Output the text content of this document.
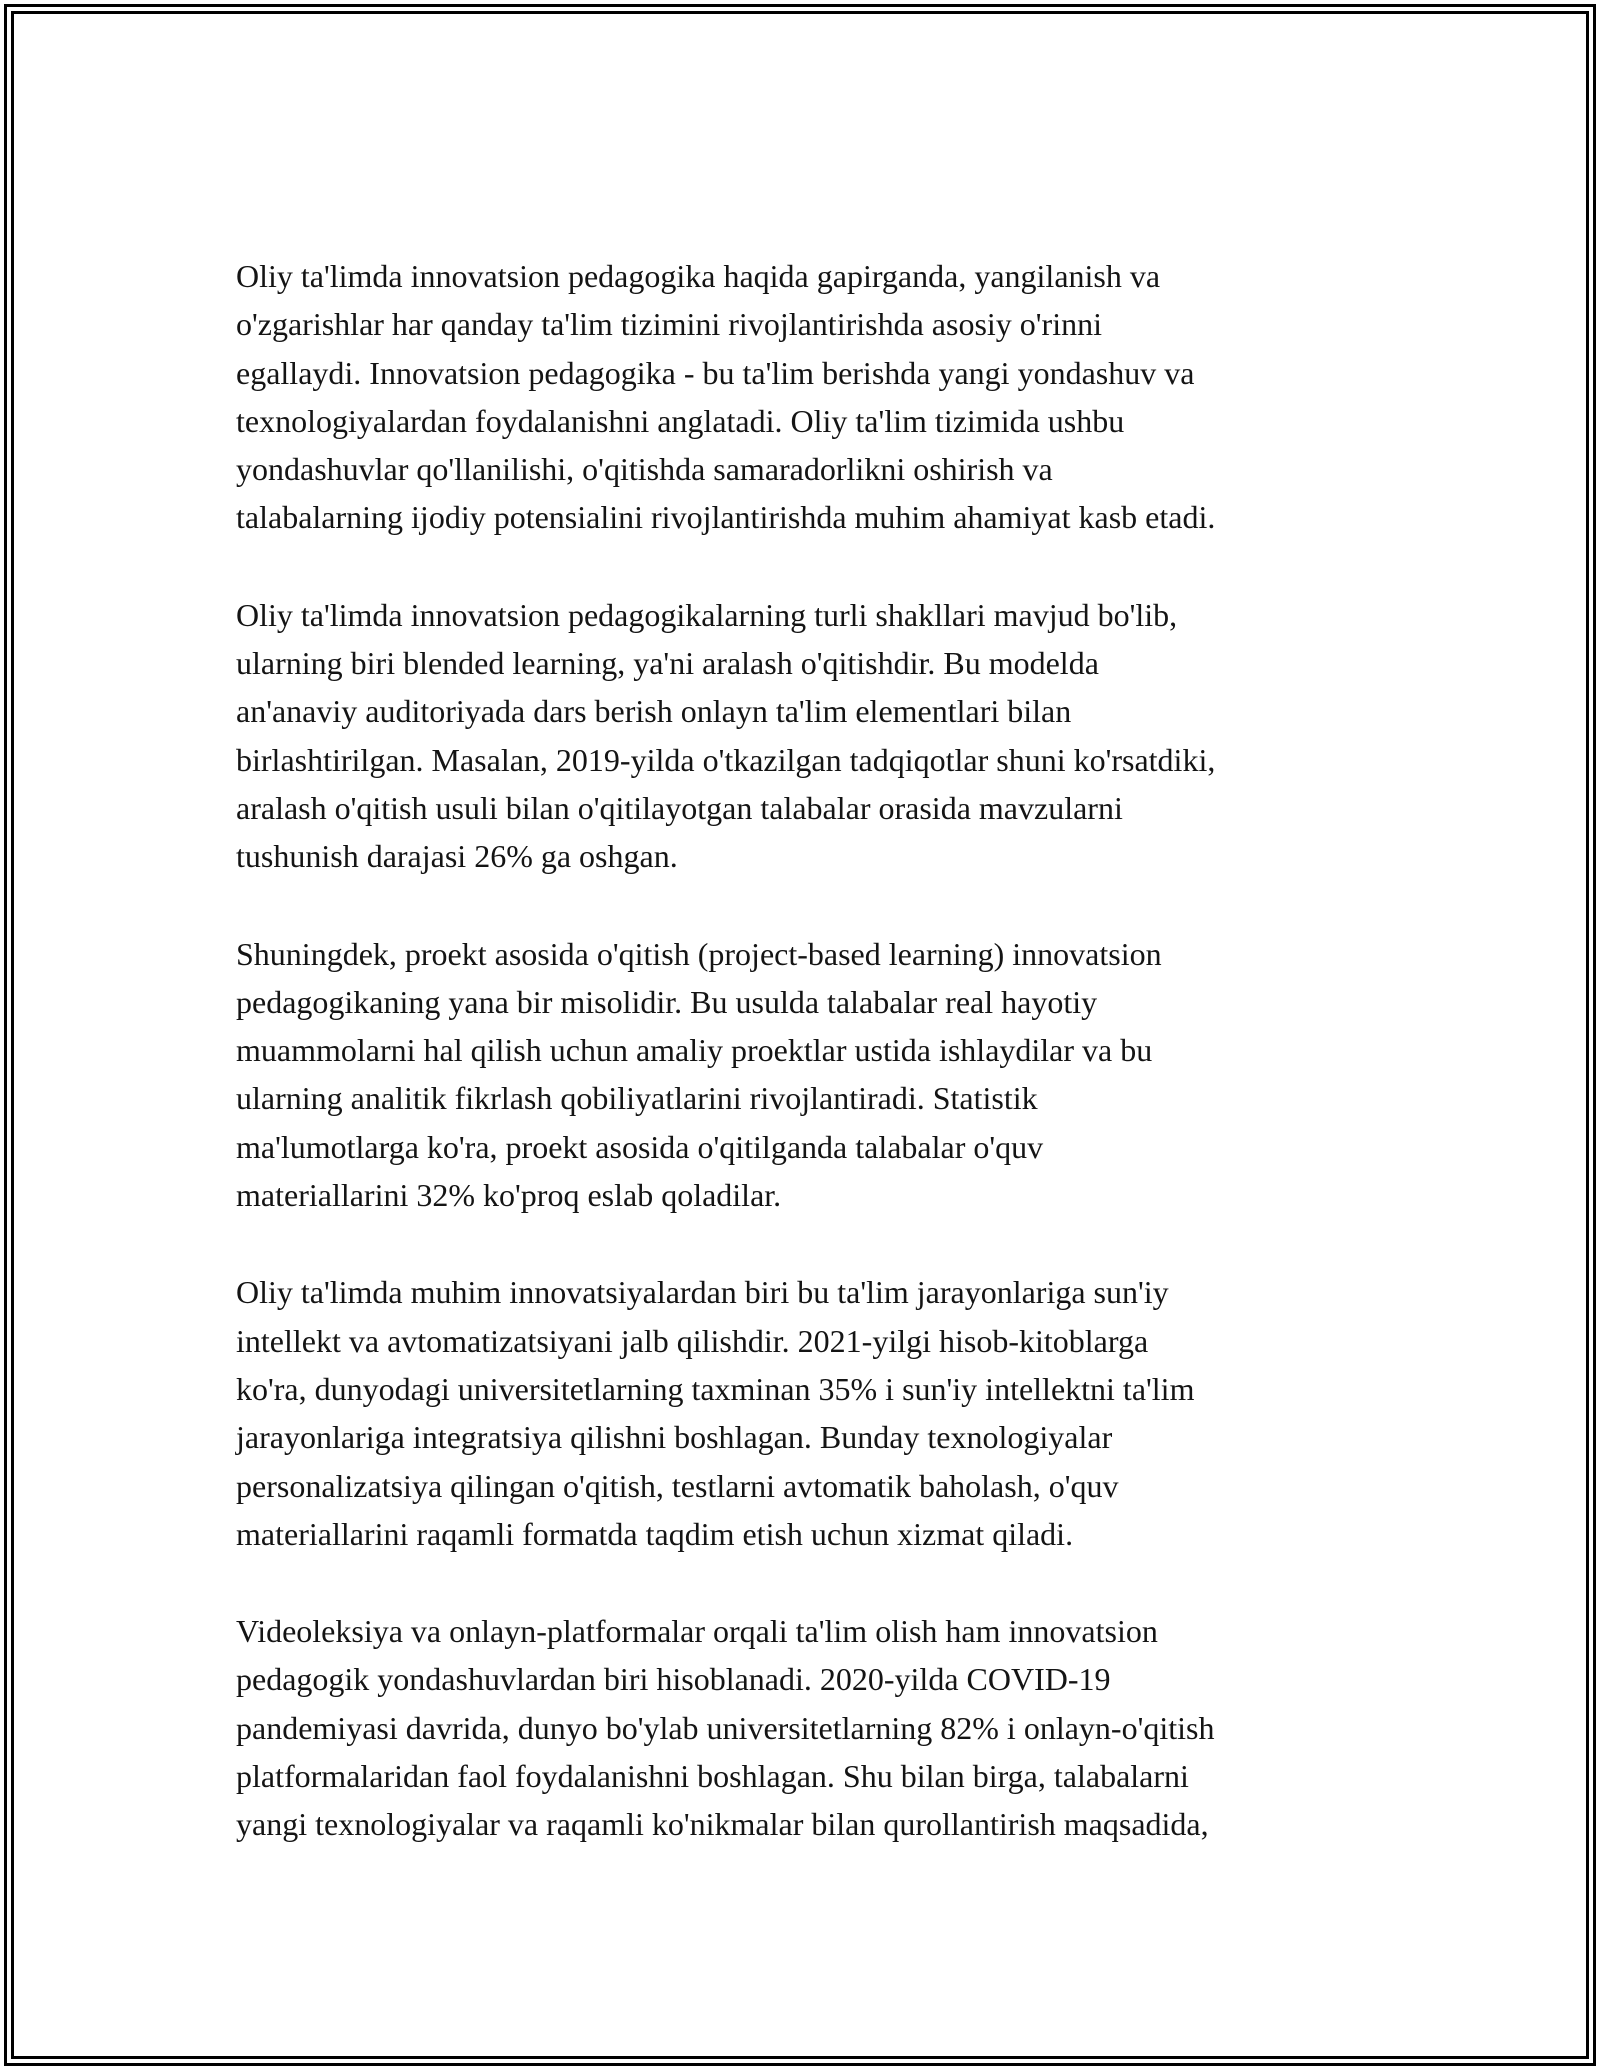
Oliy ta'limda innovatsion pedagogika haqida gapirganda, yangilanish va
o'zgarishlar har qanday ta'lim tizimini rivojlantirishda asosiy o'rinni
egallaydi. Innovatsion pedagogika - bu ta'lim berishda yangi yondashuv va
texnologiyalardan foydalanishni anglatadi. Oliy ta'lim tizimida ushbu
yondashuvlar qo'llanilishi, o'qitishda samaradorlikni oshirish va
talabalarning ijodiy potensialini rivojlantirishda muhim ahamiyat kasb etadi.
Oliy ta'limda innovatsion pedagogikalarning turli shakllari mavjud bo'lib,
ularning biri blended learning, ya'ni aralash o'qitishdir. Bu modelda
an'anaviy auditoriyada dars berish onlayn ta'lim elementlari bilan
birlashtirilgan. Masalan, 2019-yilda o'tkazilgan tadqiqotlar shuni ko'rsatdiki,
aralash o'qitish usuli bilan o'qitilayotgan talabalar orasida mavzularni
tushunish darajasi 26% ga oshgan.
Shuningdek, proekt asosida o'qitish (project-based learning) innovatsion
pedagogikaning yana bir misolidir. Bu usulda talabalar real hayotiy
muammolarni hal qilish uchun amaliy proektlar ustida ishlaydilar va bu
ularning analitik fikrlash qobiliyatlarini rivojlantiradi. Statistik
ma'lumotlarga ko'ra, proekt asosida o'qitilganda talabalar o'quv
materiallarini 32% ko'proq eslab qoladilar.
Oliy ta'limda muhim innovatsiyalardan biri bu ta'lim jarayonlariga sun'iy
intellekt va avtomatizatsiyani jalb qilishdir. 2021-yilgi hisob-kitoblarga
ko'ra, dunyodagi universitetlarning taxminan 35% i sun'iy intellektni ta'lim
jarayonlariga integratsiya qilishni boshlagan. Bunday texnologiyalar
personalizatsiya qilingan o'qitish, testlarni avtomatik baholash, o'quv
materiallarini raqamli formatda taqdim etish uchun xizmat qiladi.
Videoleksiya va onlayn-platformalar orqali ta'lim olish ham innovatsion
pedagogik yondashuvlardan biri hisoblanadi. 2020-yilda COVID-19
pandemiyasi davrida, dunyo bo'ylab universitetlarning 82% i onlayn-o'qitish
platformalaridan faol foydalanishni boshlagan. Shu bilan birga, talabalarni
yangi texnologiyalar va raqamli ko'nikmalar bilan qurollantirish maqsadida,
